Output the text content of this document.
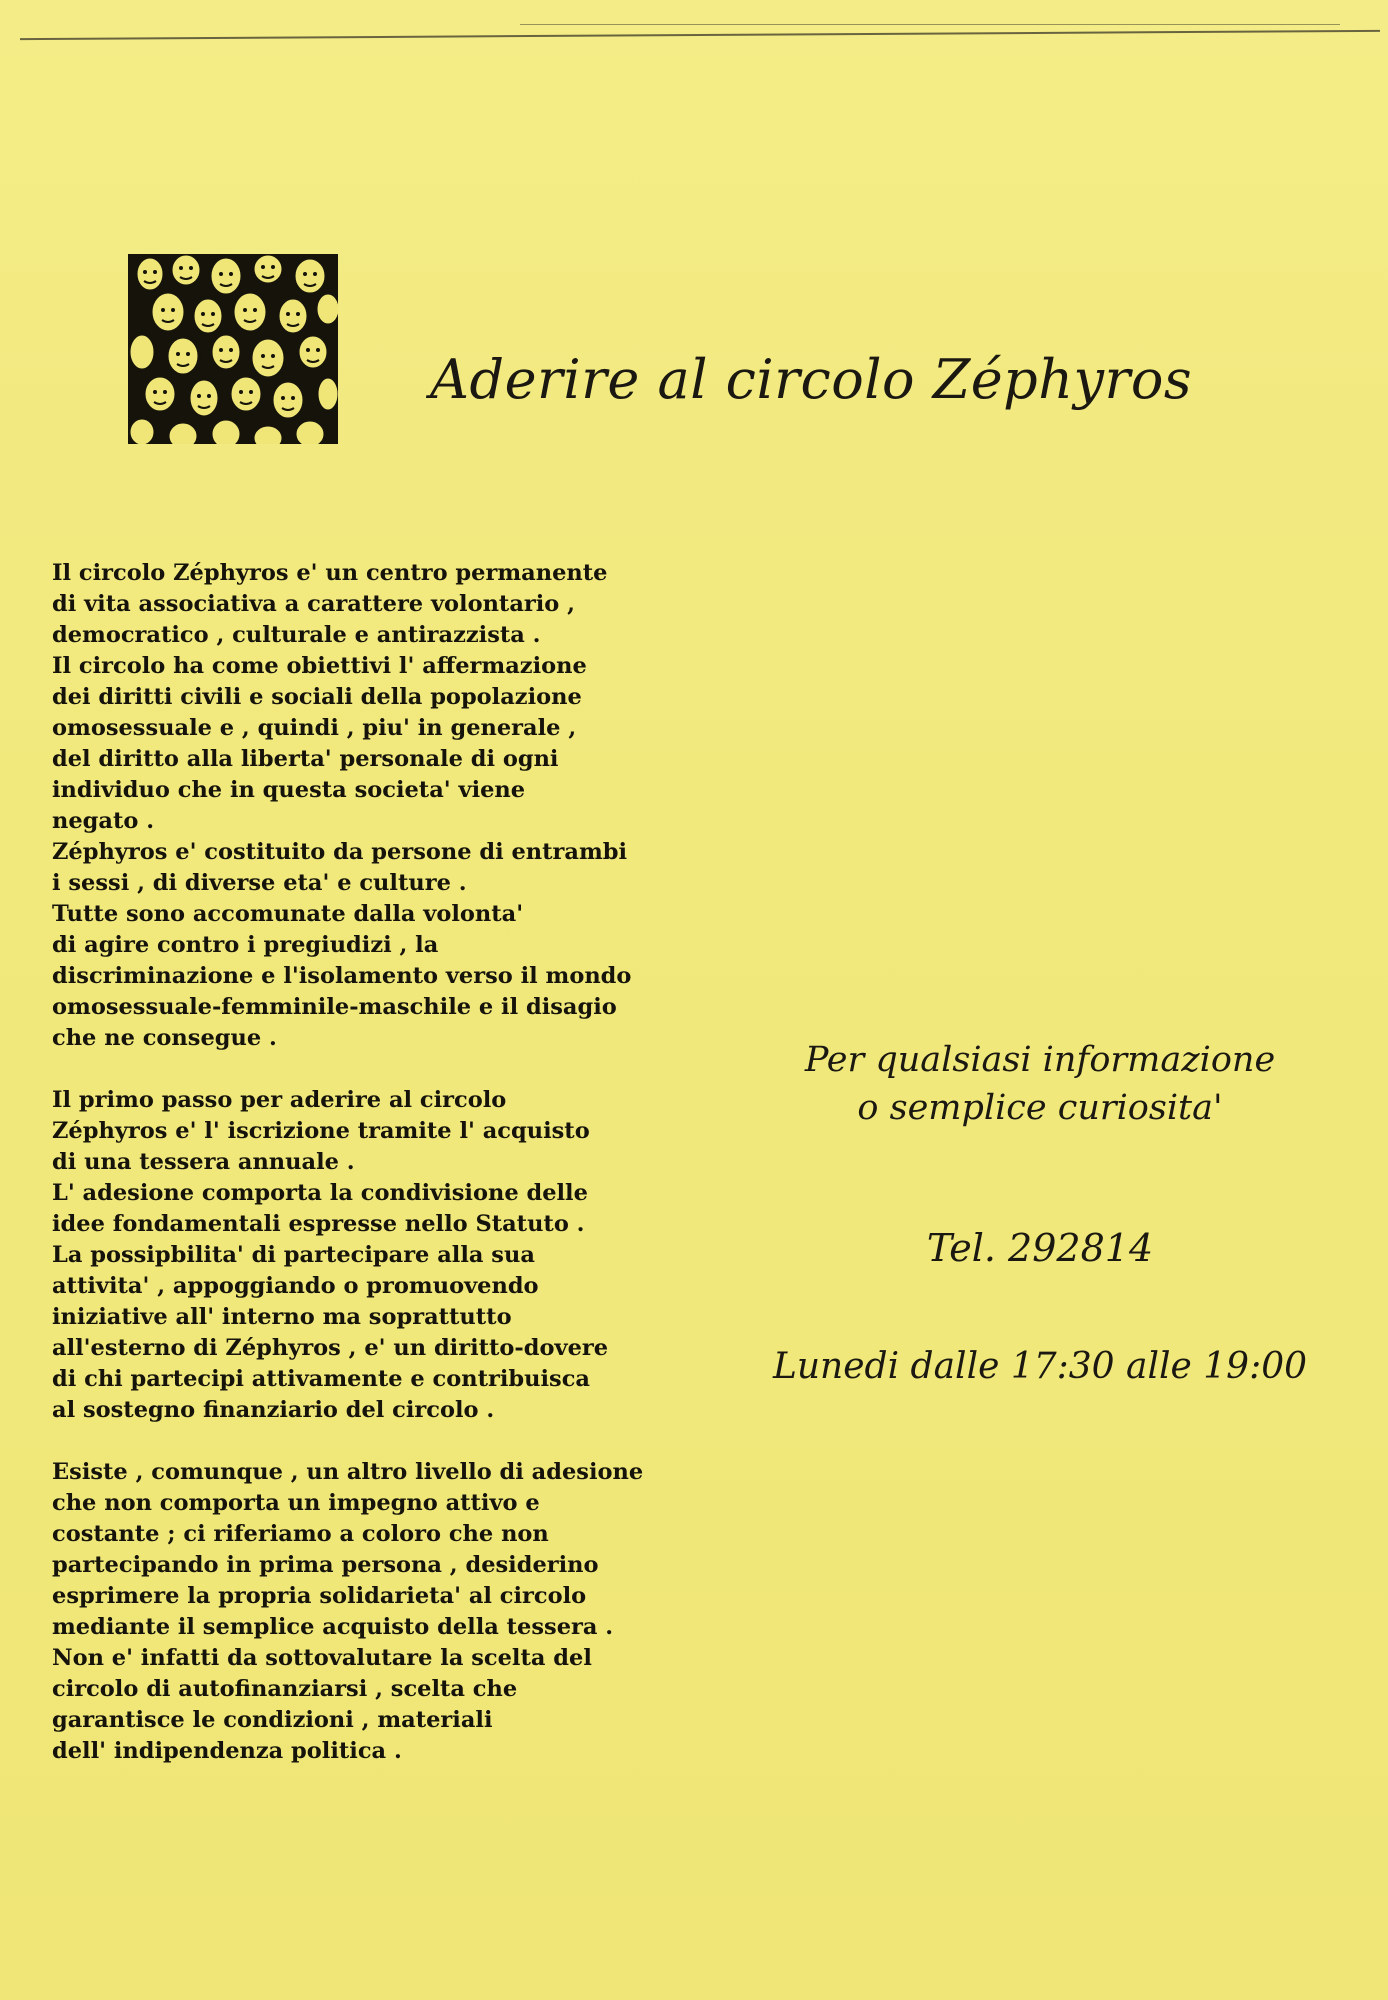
Aderire al circolo Zéphyros

Il circolo Zéphyros e' un centro permanente
di vita associativa a carattere volontario ,
democratico , culturale e antirazzista .
Il circolo ha come obiettivi l' affermazione
dei diritti civili e sociali della popolazione
omosessuale e , quindi , piu' in generale ,
del diritto alla liberta' personale di ogni
individuo che in questa societa' viene
negato .
Zéphyros e' costituito da persone di entrambi
i sessi , di diverse eta' e culture .
Tutte sono accomunate dalla volonta'
di agire contro i pregiudizi , la
discriminazione e l'isolamento verso il mondo
omosessuale-femminile-maschile e il disagio
che ne consegue .

Il primo passo per aderire al circolo
Zéphyros e' l' iscrizione tramite l' acquisto
di una tessera annuale .
L' adesione comporta la condivisione delle
idee fondamentali espresse nello Statuto .
La possipbilita' di partecipare alla sua
attivita' , appoggiando o promuovendo
iniziative all' interno ma soprattutto
all'esterno di Zéphyros , e' un diritto-dovere
di chi partecipi attivamente e contribuisca
al sostegno finanziario del circolo .

Esiste , comunque , un altro livello di adesione
che non comporta un impegno attivo e
costante ; ci riferiamo a coloro che non
partecipando in prima persona , desiderino
esprimere la propria solidarieta' al circolo
mediante il semplice acquisto della tessera .
Non e' infatti da sottovalutare la scelta del
circolo di autofinanziarsi , scelta che
garantisce le condizioni , materiali
dell' indipendenza politica .

Per qualsiasi informazione
o semplice curiosita'
Tel. 292814
Lunedi dalle 17:30 alle 19:00
